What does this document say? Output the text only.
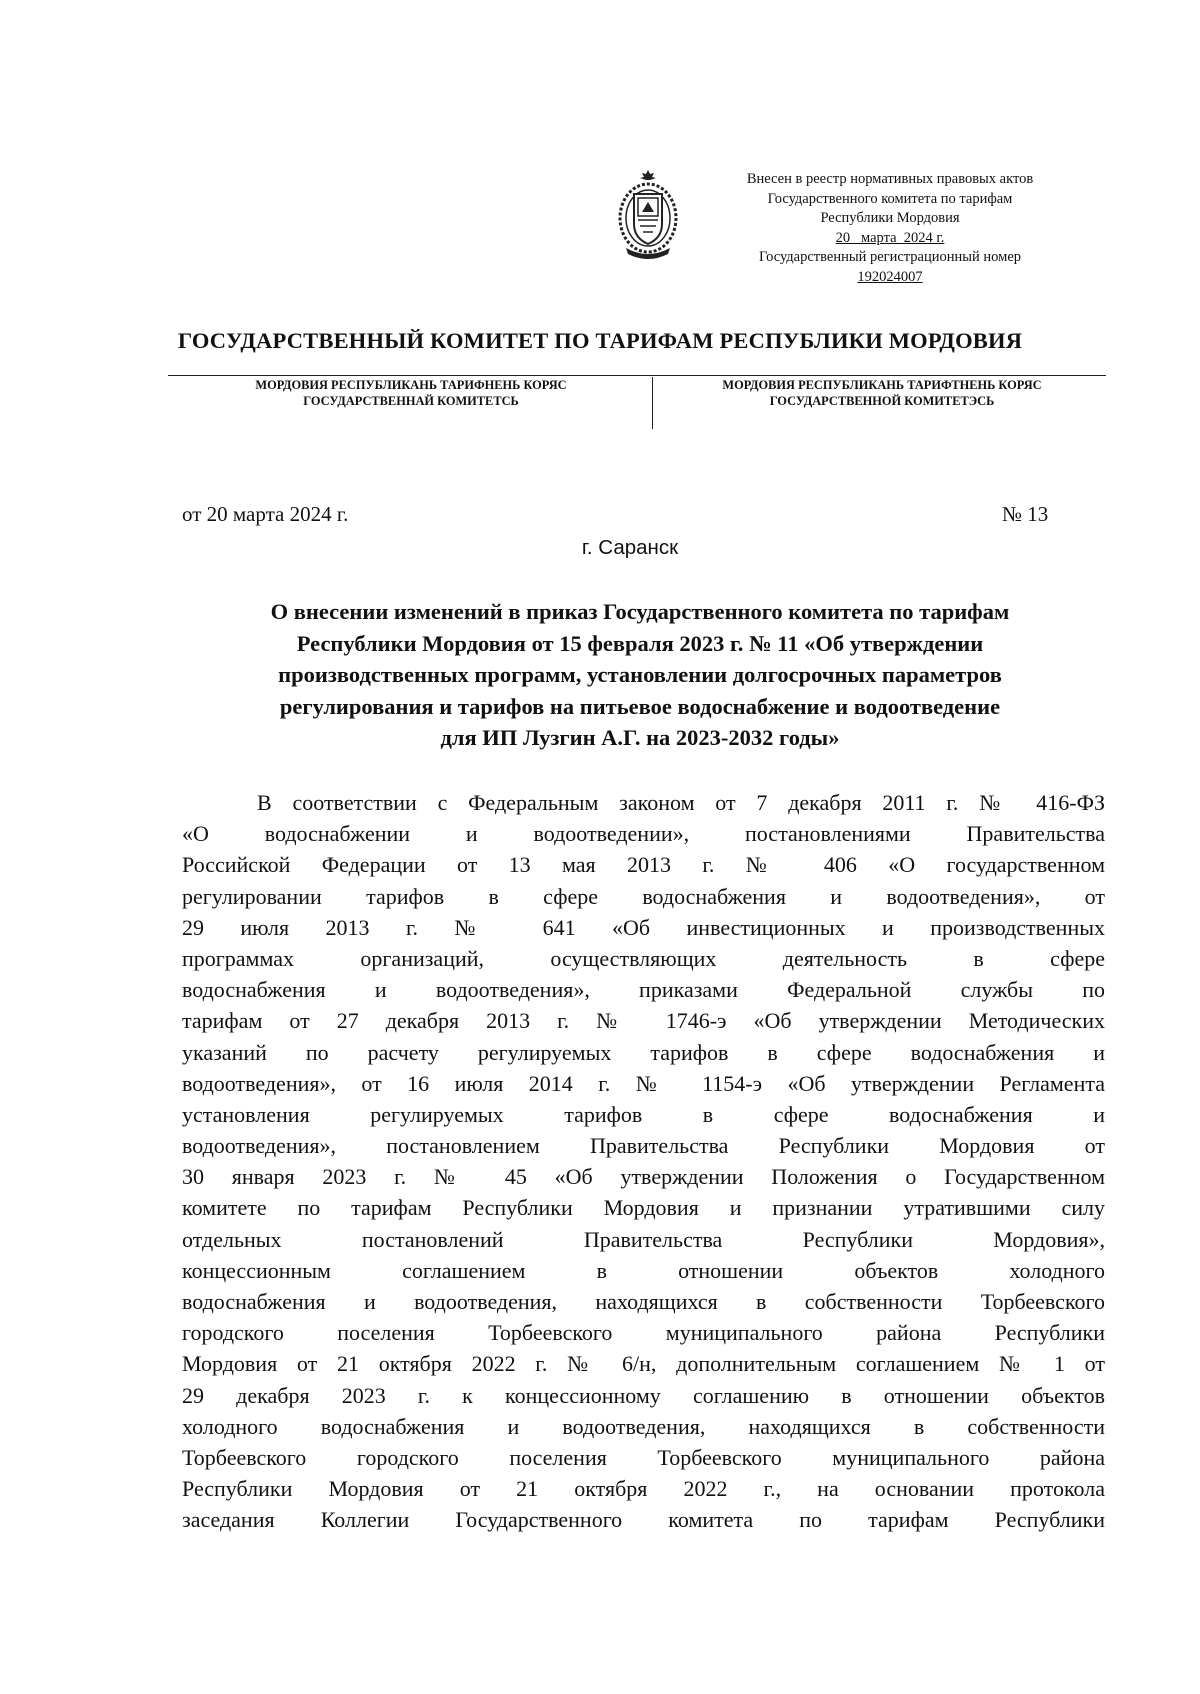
Внесен в реестр нормативных правовых актов
Государственного комитета по тарифам
Республики Мордовия
20   марта  2024 г.
Государственный регистрационный номер
192024007
ГОСУДАРСТВЕННЫЙ КОМИТЕТ ПО ТАРИФАМ РЕСПУБЛИКИ МОРДОВИЯ
МОРДОВИЯ РЕСПУБЛИКАНЬ ТАРИФНЕНЬ КОРЯС
ГОСУДАРСТВЕННАЙ КОМИТЕТСЬ
МОРДОВИЯ РЕСПУБЛИКАНЬ ТАРИФТНЕНЬ КОРЯС
ГОСУДАРСТВЕННОЙ КОМИТЕТЭСЬ
от 20 марта 2024 г.	№ 13
г. Саранск
О внесении изменений в приказ Государственного комитета по тарифам
Республики Мордовия от 15 февраля 2023 г. № 11 «Об утверждении
производственных программ, установлении долгосрочных параметров
регулирования и тарифов на питьевое водоснабжение и водоотведение
для ИП Лузгин А.Г. на 2023-2032 годы»
В соответствии с Федеральным законом от 7 декабря 2011 г. № 416-ФЗ
«О водоснабжении и водоотведении», постановлениями Правительства
Российской Федерации от 13 мая 2013 г. № 406 «О государственном
регулировании тарифов в сфере водоснабжения и водоотведения», от
29 июля 2013 г. № 641 «Об инвестиционных и производственных
программах организаций, осуществляющих деятельность в сфере
водоснабжения и водоотведения», приказами Федеральной службы по
тарифам от 27 декабря 2013 г. № 1746-э «Об утверждении Методических
указаний по расчету регулируемых тарифов в сфере водоснабжения и
водоотведения», от 16 июля 2014 г. № 1154-э «Об утверждении Регламента
установления регулируемых тарифов в сфере водоснабжения и
водоотведения», постановлением Правительства Республики Мордовия от
30 января 2023 г. № 45 «Об утверждении Положения о Государственном
комитете по тарифам Республики Мордовия и признании утратившими силу
отдельных постановлений Правительства Республики Мордовия»,
концессионным соглашением в отношении объектов холодного
водоснабжения и водоотведения, находящихся в собственности Торбеевского
городского поселения Торбеевского муниципального района Республики
Мордовия от 21 октября 2022 г. № 6/н, дополнительным соглашением № 1 от
29 декабря 2023 г. к концессионному соглашению в отношении объектов
холодного водоснабжения и водоотведения, находящихся в собственности
Торбеевского городского поселения Торбеевского муниципального района
Республики Мордовия от 21 октября 2022 г., на основании протокола
заседания Коллегии Государственного комитета по тарифам Республики
